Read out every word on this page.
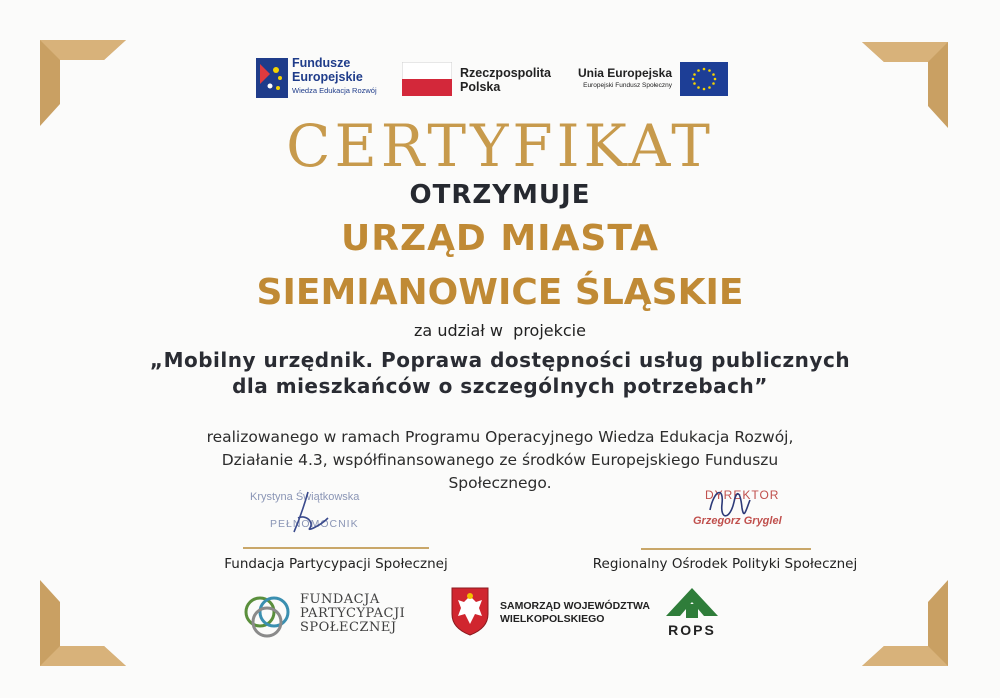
Fundusze
Europejskie
Wiedza Edukacja Rozwój
Rzeczpospolita
Polska
Unia Europejska
Europejski Fundusz Społeczny
CERTYFIKAT
OTRZYMUJE
URZĄD MIASTA
SIEMIANOWICE ŚLĄSKIE
za udział w  projekcie
„Mobilny urzędnik. Poprawa dostępności usług publicznych
dla mieszkańców o szczególnych potrzebach”
realizowanego w ramach Programu Operacyjnego Wiedza Edukacja Rozwój,
Działanie 4.3, współfinansowanego ze środków Europejskiego Funduszu
Społecznego.
Krystyna Świątkowska
PEŁNOMOCNIK
Fundacja Partycypacji Społecznej
DYREKTOR
Grzegorz Gryglel
Regionalny Ośrodek Polityki Społecznej
FUNDACJA
PARTYCYPACJI
SPOŁECZNEJ
SAMORZĄD WOJEWÓDZTWA
WIELKOPOLSKIEGO
ROPS
